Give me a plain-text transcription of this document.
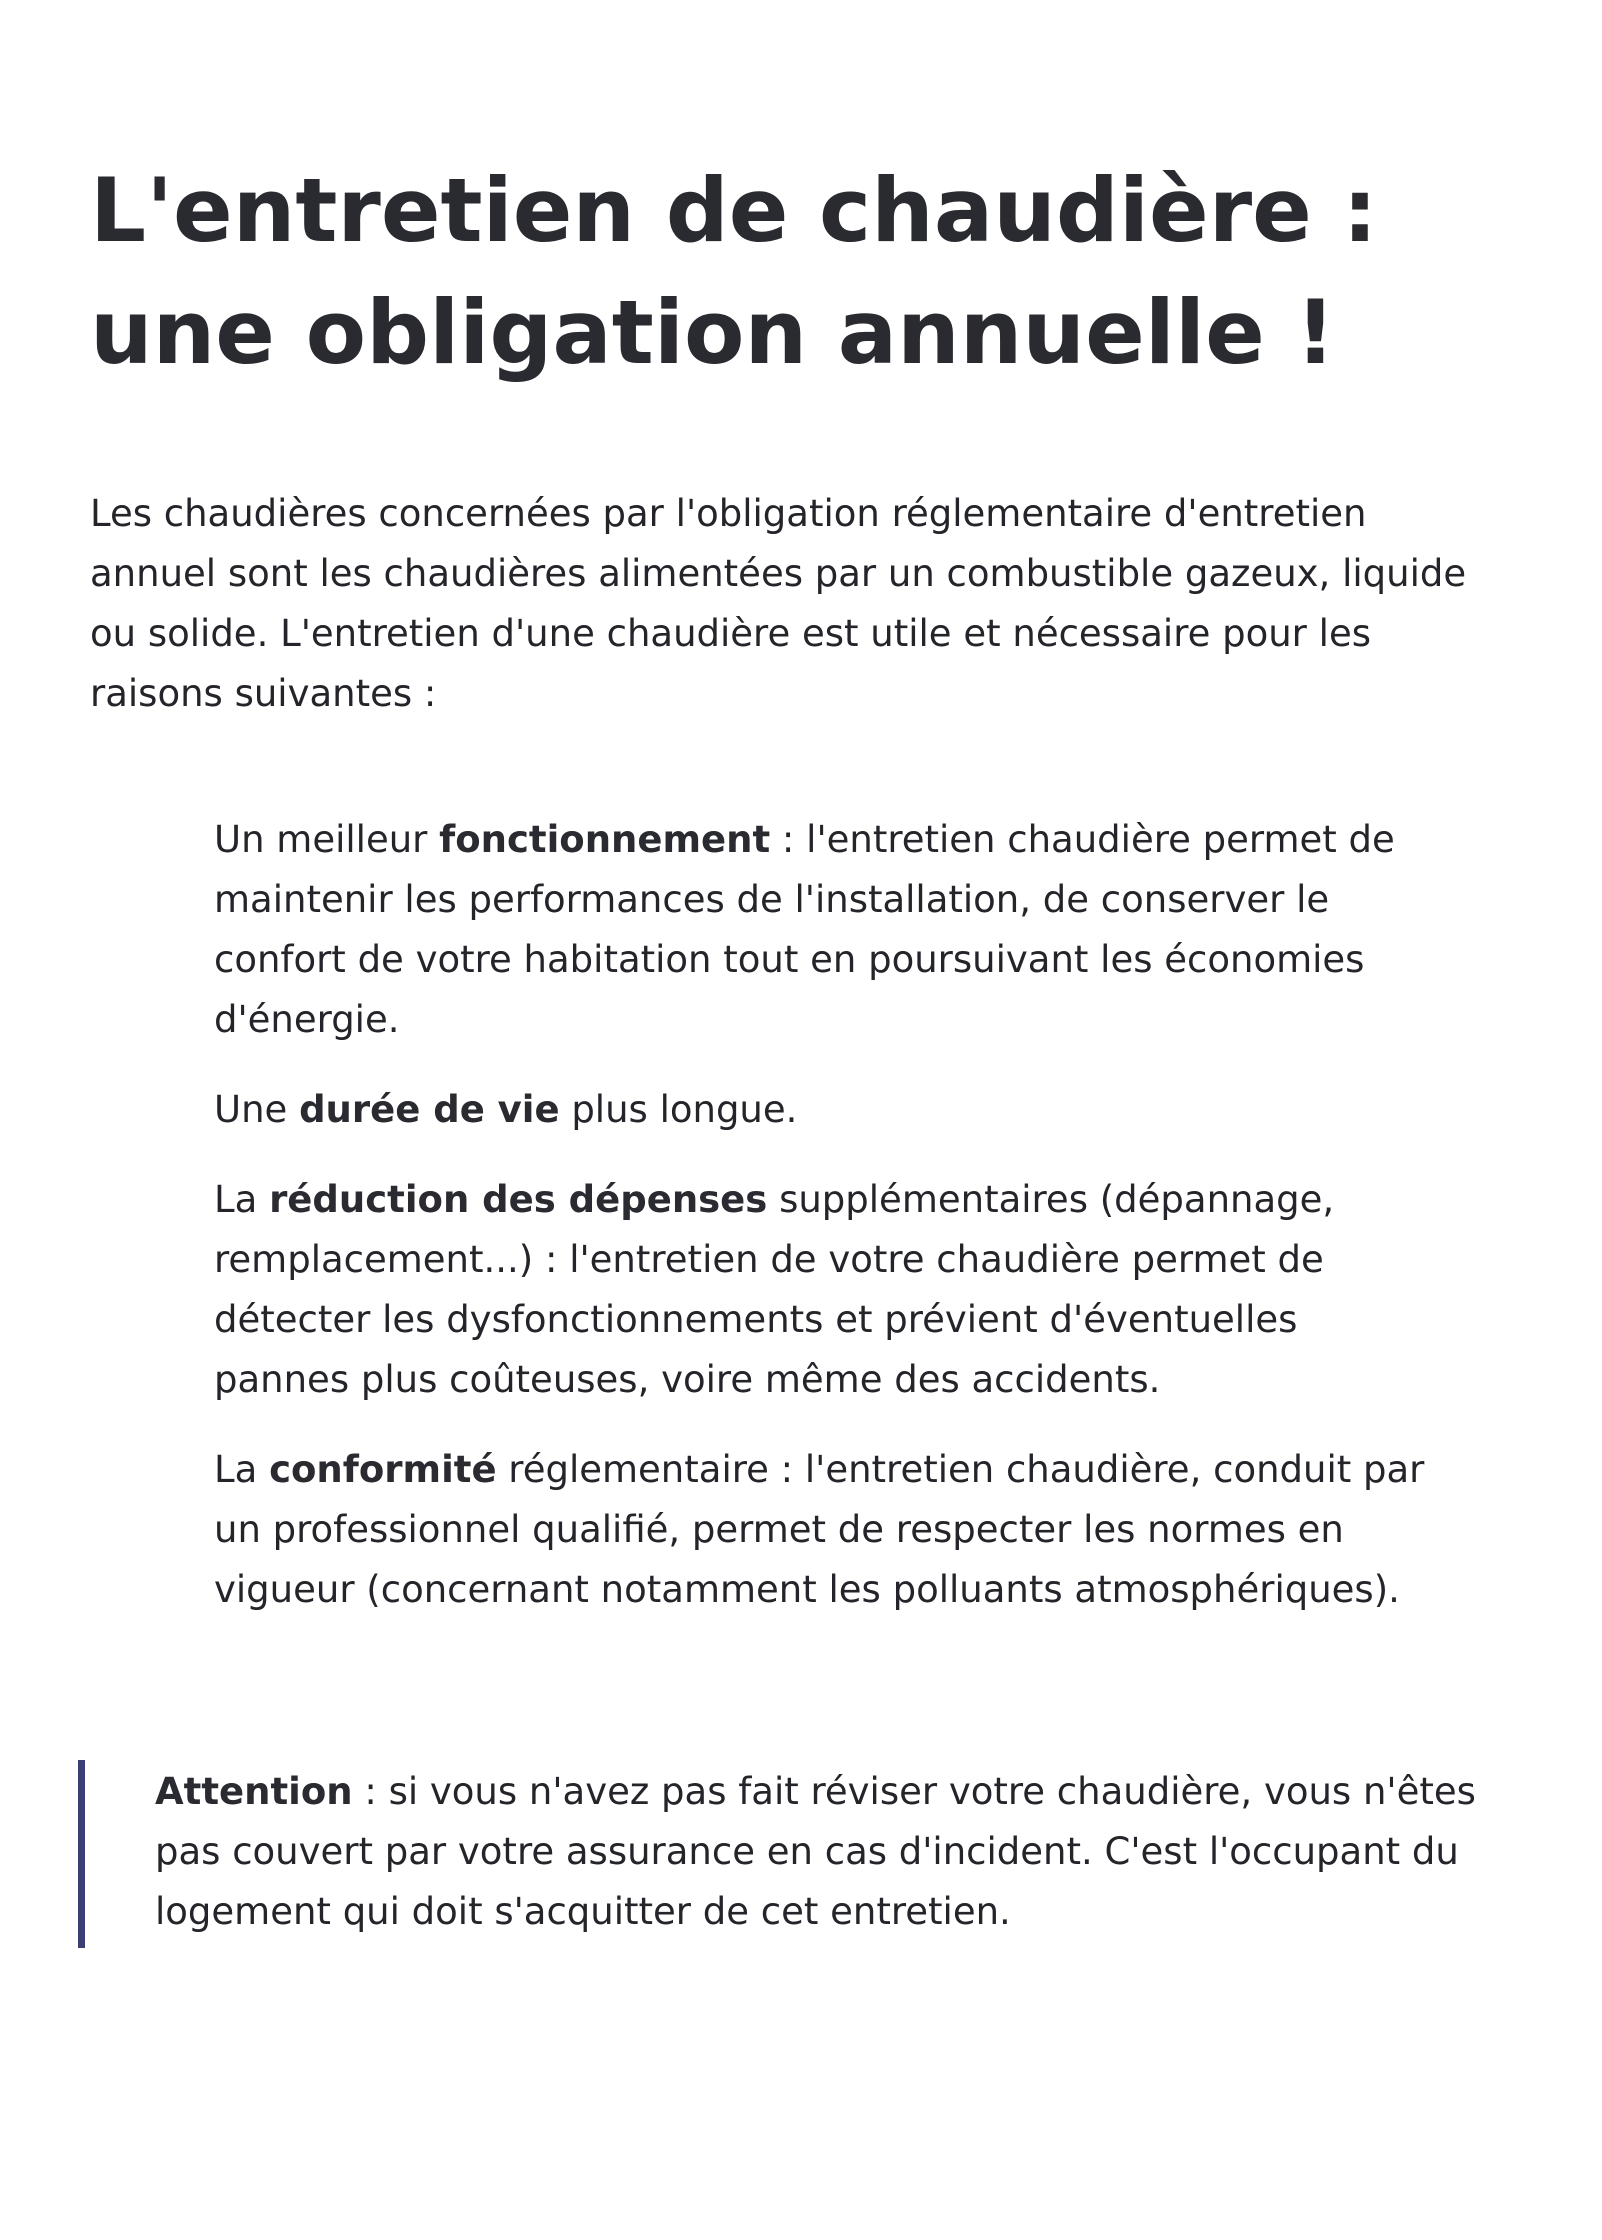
L'entretien de chaudière :
une obligation annuelle !

Les chaudières concernées par l'obligation réglementaire d'entretien annuel sont les chaudières alimentées par un combustible gazeux, liquide ou solide. L'entretien d'une chaudière est utile et nécessaire pour les raisons suivantes :

Un meilleur fonctionnement : l'entretien chaudière permet de maintenir les performances de l'installation, de conserver le confort de votre habitation tout en poursuivant les économies d'énergie.
Une durée de vie plus longue.
La réduction des dépenses supplémentaires (dépannage, remplacement...) : l'entretien de votre chaudière permet de détecter les dysfonctionnements et prévient d'éventuelles pannes plus coûteuses, voire même des accidents.
La conformité réglementaire : l'entretien chaudière, conduit par un professionnel qualifié, permet de respecter les normes en vigueur (concernant notamment les polluants atmosphériques).
Attention : si vous n'avez pas fait réviser votre chaudière, vous n'êtes pas couvert par votre assurance en cas d'incident. C'est l'occupant du logement qui doit s'acquitter de cet entretien.
